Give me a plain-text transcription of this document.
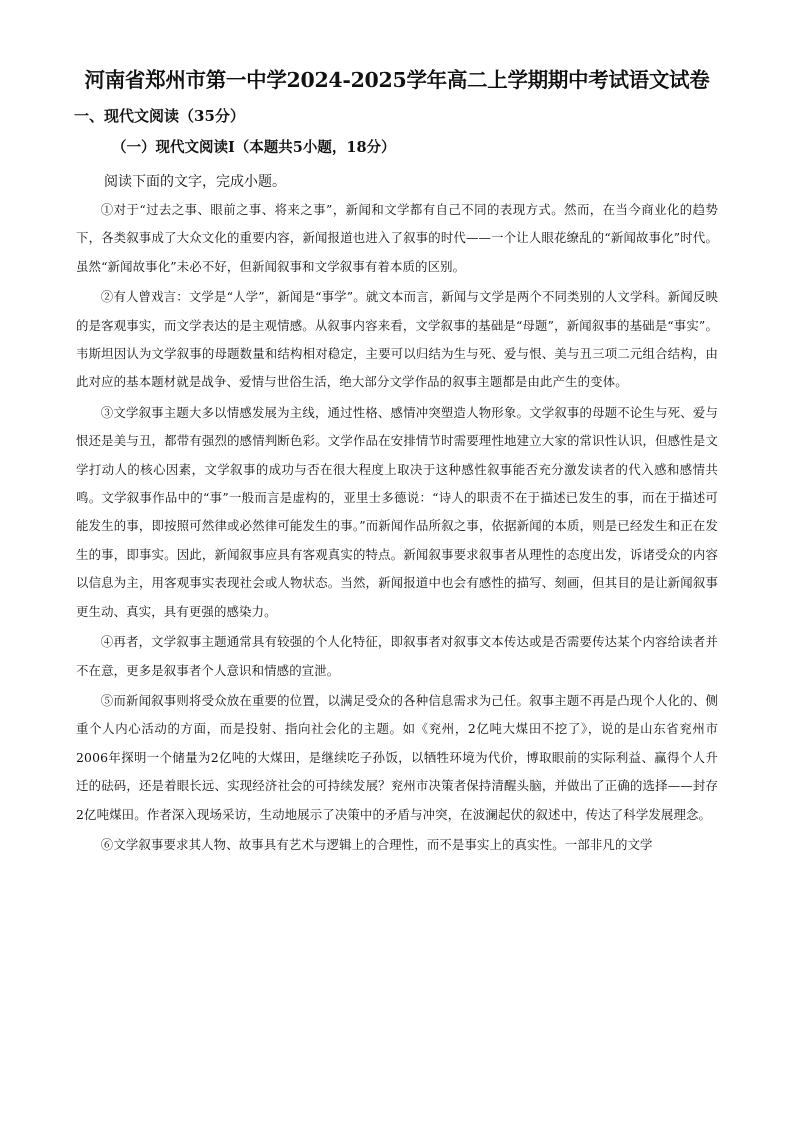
河南省郑州市第一中学2024-2025学年高二上学期期中考试语文试卷
一、现代文阅读（35分）
（一）现代文阅读Ⅰ（本题共5小题，18分）
阅读下面的文字，完成小题。
①对于“过去之事、眼前之事、将来之事”，新闻和文学都有自己不同的表现方式。然而，在当今商业化的趋势下，各类叙事成了大众文化的重要内容，新闻报道也进入了叙事的时代——一个让人眼花缭乱的“新闻故事化”时代。虽然“新闻故事化”未必不好，但新闻叙事和文学叙事有着本质的区别。
②有人曾戏言：文学是“人学”，新闻是“事学”。就文本而言，新闻与文学是两个不同类别的人文学科。新闻反映的是客观事实，而文学表达的是主观情感。从叙事内容来看，文学叙事的基础是“母题”，新闻叙事的基础是“事实”。韦斯坦因认为文学叙事的母题数量和结构相对稳定，主要可以归结为生与死、爱与恨、美与丑三项二元组合结构，由此对应的基本题材就是战争、爱情与世俗生活，绝大部分文学作品的叙事主题都是由此产生的变体。
③文学叙事主题大多以情感发展为主线，通过性格、感情冲突塑造人物形象。文学叙事的母题不论生与死、爱与恨还是美与丑，都带有强烈的感情判断色彩。文学作品在安排情节时需要理性地建立大家的常识性认识，但感性是文学打动人的核心因素，文学叙事的成功与否在很大程度上取决于这种感性叙事能否充分激发读者的代入感和感情共鸣。文学叙事作品中的“事”一般而言是虚构的，亚里士多德说：“诗人的职责不在于描述已发生的事，而在于描述可能发生的事，即按照可然律或必然律可能发生的事。”而新闻作品所叙之事，依据新闻的本质，则是已经发生和正在发生的事，即事实。因此，新闻叙事应具有客观真实的特点。新闻叙事要求叙事者从理性的态度出发，诉诸受众的内容以信息为主，用客观事实表现社会或人物状态。当然，新闻报道中也会有感性的描写、刻画，但其目的是让新闻叙事更生动、真实，具有更强的感染力。
④再者，文学叙事主题通常具有较强的个人化特征，即叙事者对叙事文本传达或是否需要传达某个内容给读者并不在意，更多是叙事者个人意识和情感的宣泄。
⑤而新闻叙事则将受众放在重要的位置，以满足受众的各种信息需求为己任。叙事主题不再是凸现个人化的、侧重个人内心活动的方面，而是投射、指向社会化的主题。如《兖州，2亿吨大煤田不挖了》，说的是山东省兖州市2006年探明一个储量为2亿吨的大煤田，是继续吃子孙饭，以牺牲环境为代价，博取眼前的实际利益、赢得个人升迁的砝码，还是着眼长远、实现经济社会的可持续发展？兖州市决策者保持清醒头脑，并做出了正确的选择——封存2亿吨煤田。作者深入现场采访，生动地展示了决策中的矛盾与冲突，在波澜起伏的叙述中，传达了科学发展理念。
⑥文学叙事要求其人物、故事具有艺术与逻辑上的合理性，而不是事实上的真实性。一部非凡的文学
